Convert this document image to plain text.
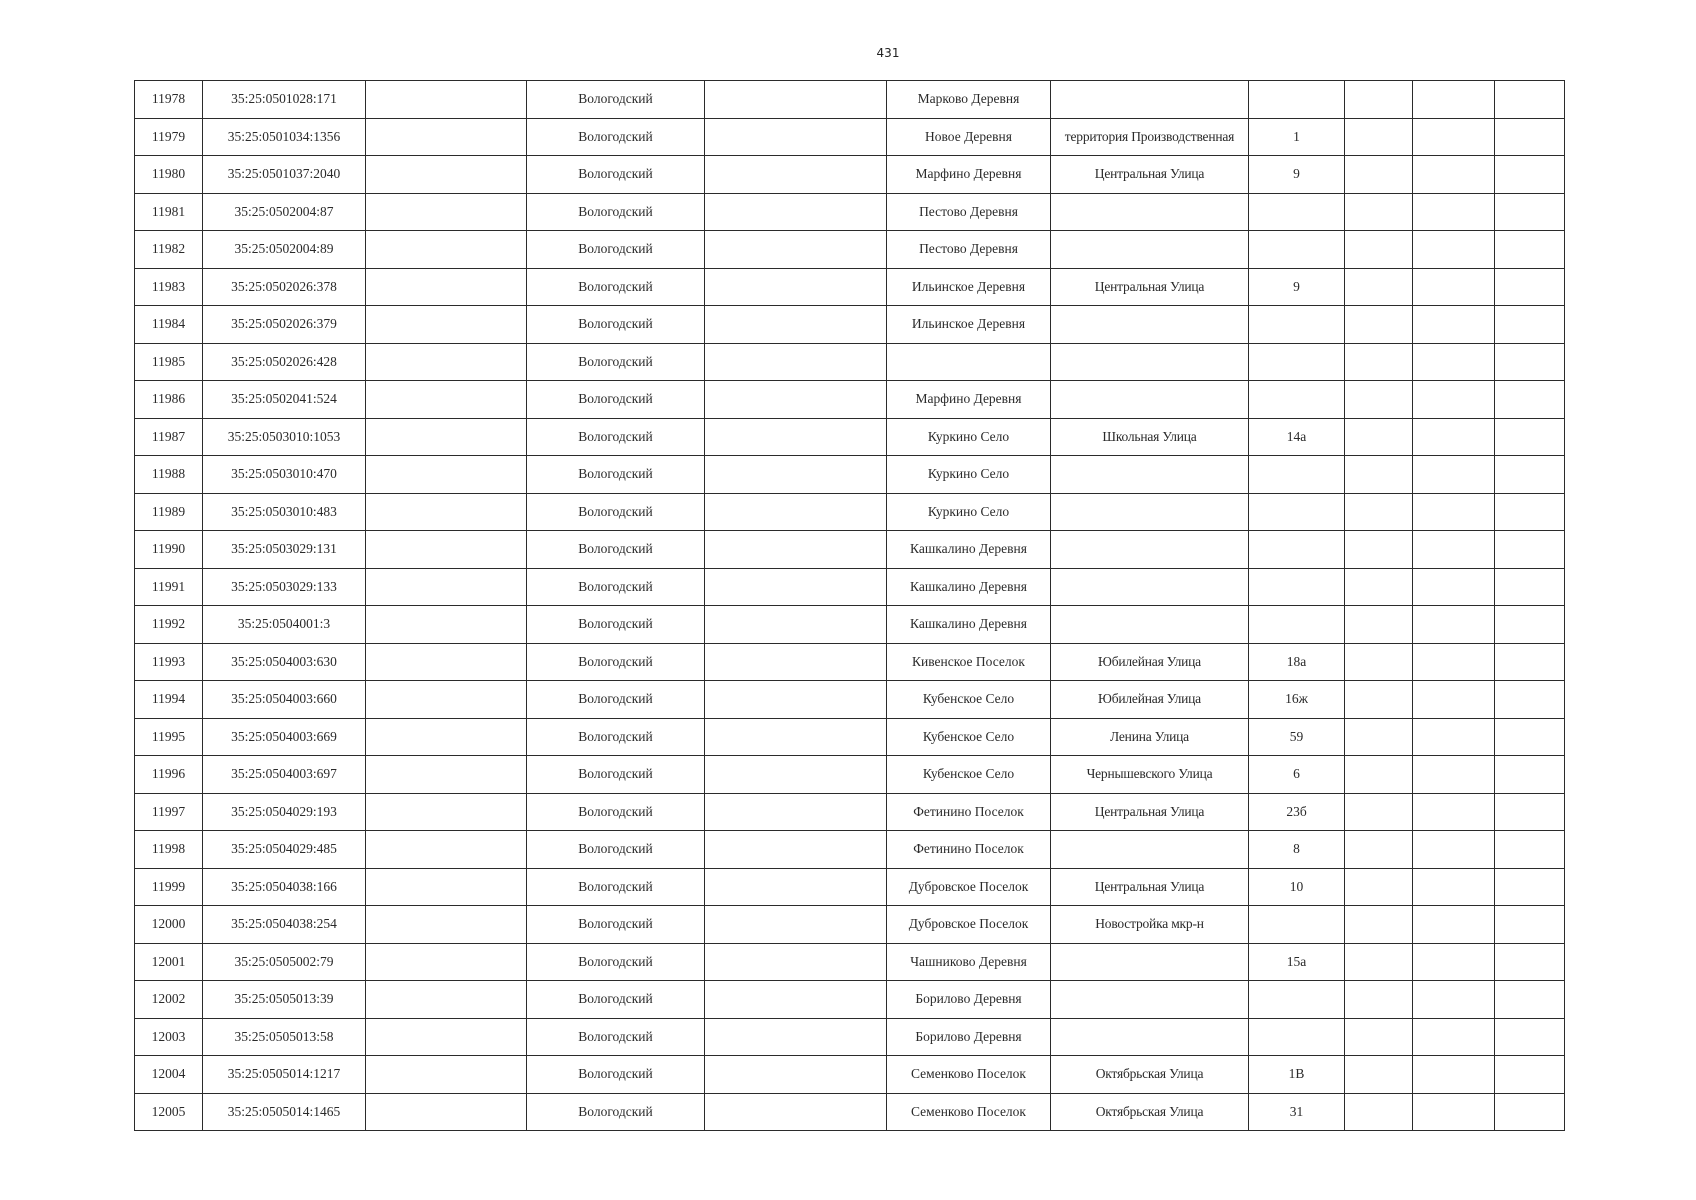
431
11978	35:25:0501028:171		Вологодский		Марково Деревня					
11979	35:25:0501034:1356		Вологодский		Новое Деревня	территория Производственная	1			
11980	35:25:0501037:2040		Вологодский		Марфино Деревня	Центральная Улица	9			
11981	35:25:0502004:87		Вологодский		Пестово Деревня					
11982	35:25:0502004:89		Вологодский		Пестово Деревня					
11983	35:25:0502026:378		Вологодский		Ильинское Деревня	Центральная Улица	9			
11984	35:25:0502026:379		Вологодский		Ильинское Деревня					
11985	35:25:0502026:428		Вологодский							
11986	35:25:0502041:524		Вологодский		Марфино Деревня					
11987	35:25:0503010:1053		Вологодский		Куркино Село	Школьная Улица	14а			
11988	35:25:0503010:470		Вологодский		Куркино Село					
11989	35:25:0503010:483		Вологодский		Куркино Село					
11990	35:25:0503029:131		Вологодский		Кашкалино Деревня					
11991	35:25:0503029:133		Вологодский		Кашкалино Деревня					
11992	35:25:0504001:3		Вологодский		Кашкалино Деревня					
11993	35:25:0504003:630		Вологодский		Кивенское Поселок	Юбилейная Улица	18а			
11994	35:25:0504003:660		Вологодский		Кубенское Село	Юбилейная Улица	16ж			
11995	35:25:0504003:669		Вологодский		Кубенское Село	Ленина Улица	59			
11996	35:25:0504003:697		Вологодский		Кубенское Село	Чернышевского Улица	6			
11997	35:25:0504029:193		Вологодский		Фетинино Поселок	Центральная Улица	23б			
11998	35:25:0504029:485		Вологодский		Фетинино Поселок		8			
11999	35:25:0504038:166		Вологодский		Дубровское Поселок	Центральная Улица	10			
12000	35:25:0504038:254		Вологодский		Дубровское Поселок	Новостройка мкр-н				
12001	35:25:0505002:79		Вологодский		Чашниково Деревня		15а			
12002	35:25:0505013:39		Вологодский		Борилово Деревня					
12003	35:25:0505013:58		Вологодский		Борилово Деревня					
12004	35:25:0505014:1217		Вологодский		Семенково Поселок	Октябрьская Улица	1В			
12005	35:25:0505014:1465		Вологодский		Семенково Поселок	Октябрьская Улица	31			
